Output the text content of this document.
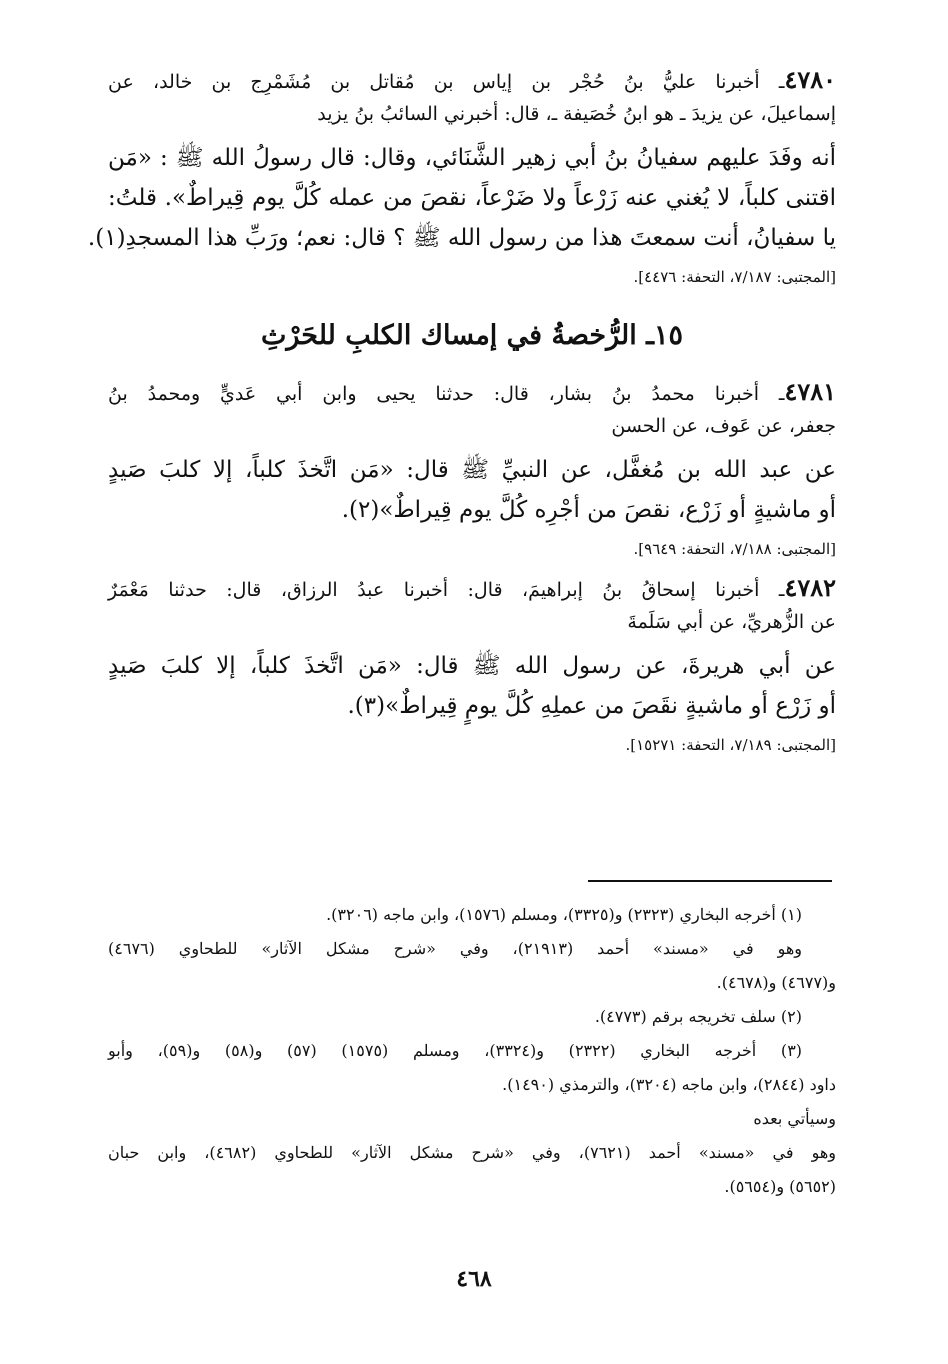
٤٧٨٠ـ أخبرنا عليُّ بنُ حُجْر بن إياس بن مُقاتل بن مُشَمْرِج بن خالد، عن
إسماعيلَ، عن يزيدَ ـ هو ابنُ خُصَيفة ـ، قال: أخبرني السائبُ بنُ يزيد
أنه وفَدَ عليهم سفيانُ بنُ أبي زهير الشَّنَائي، وقال: قال رسولُ الله ﷺ : «مَن
اقتنى كلباً، لا يُغني عنه زَرْعاً ولا ضَرْعاً، نقصَ من عمله كُلَّ يوم قِيراطٌ». قلتُ:
يا سفيانُ، أنت سمعتَ هذا من رسول الله ﷺ ؟ قال: نعم؛ ورَبِّ هذا المسجدِ(١).
[المجتبى: ٧/١٨٧، التحفة: ٤٤٧٦].
١٥ـ الرُّخصةُ في إمساك الكلبِ للحَرْثِ
٤٧٨١ـ أخبرنا محمدُ بنُ بشار، قال: حدثنا يحيى وابن أبي عَديٍّ ومحمدُ بنُ
جعفر، عن عَوف، عن الحسن
عن عبد الله بن مُغفَّل، عن النبيِّ ﷺ قال: «مَن اتَّخذَ كلباً، إلا كلبَ صَيدٍ
أو ماشيةٍ أو زَرْع، نقصَ من أجْرِه كُلَّ يوم قِيراطٌ»(٢).
[المجتبى: ٧/١٨٨، التحفة: ٩٦٤٩].
٤٧٨٢ـ أخبرنا إسحاقُ بنُ إبراهيمَ، قال: أخبرنا عبدُ الرزاق، قال: حدثنا مَعْمَرٌ
عن الزُّهريِّ، عن أبي سَلَمةَ
عن أبي هريرةَ، عن رسول الله ﷺ قال: «مَن اتَّخذَ كلباً، إلا كلبَ صَيدٍ
أو زَرْع أو ماشيةٍ نقَصَ من عملِهِ كُلَّ يومٍ قِيراطٌ»(٣).
[المجتبى: ٧/١٨٩، التحفة: ١٥٢٧١].
(١) أخرجه البخاري (٢٣٢٣) و(٣٣٢٥)، ومسلم (١٥٧٦)، وابن ماجه (٣٢٠٦).
وهو في «مسند» أحمد (٢١٩١٣)، وفي «شرح مشكل الآثار» للطحاوي (٤٦٧٦)
و(٤٦٧٧) و(٤٦٧٨).
(٢) سلف تخريجه برقم (٤٧٧٣).
(٣) أخرجه البخاري (٢٣٢٢) و(٣٣٢٤)، ومسلم (١٥٧٥) (٥٧) و(٥٨) و(٥٩)، وأبو
داود (٢٨٤٤)، وابن ماجه (٣٢٠٤)، والترمذي (١٤٩٠).
وسيأتي بعده
وهو في «مسند» أحمد (٧٦٢١)، وفي «شرح مشكل الآثار» للطحاوي (٤٦٨٢)، وابن حبان
(٥٦٥٢) و(٥٦٥٤).
٤٦٨
